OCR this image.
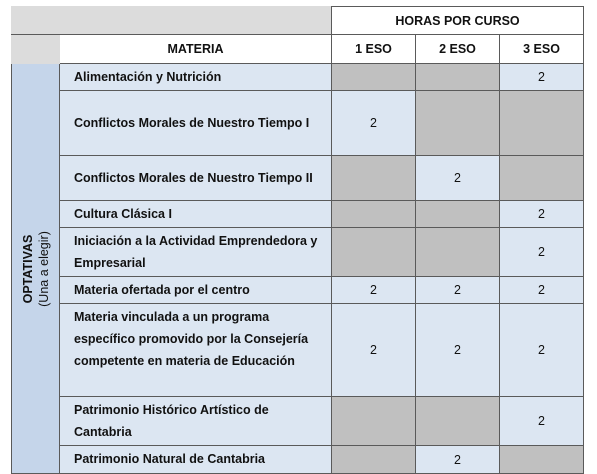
		HORAS POR CURSO		
	MATERIA	1 ESO	2 ESO	3 ESO

OPTATIVAS (Una a elegir)	Alimentación y Nutrición			2
	Conflictos Morales de Nuestro Tiempo I	2		
	Conflictos Morales de Nuestro Tiempo II		2	
	Cultura Clásica I			2
	Iniciación a la Actividad Emprendedora y Empresarial			2
	Materia ofertada por el centro	2	2	2
	Materia vinculada a un programa específico promovido por la Consejería competente en materia de Educación	2	2	2
	Patrimonio Histórico Artístico de Cantabria			2
	Patrimonio Natural de Cantabria		2	
